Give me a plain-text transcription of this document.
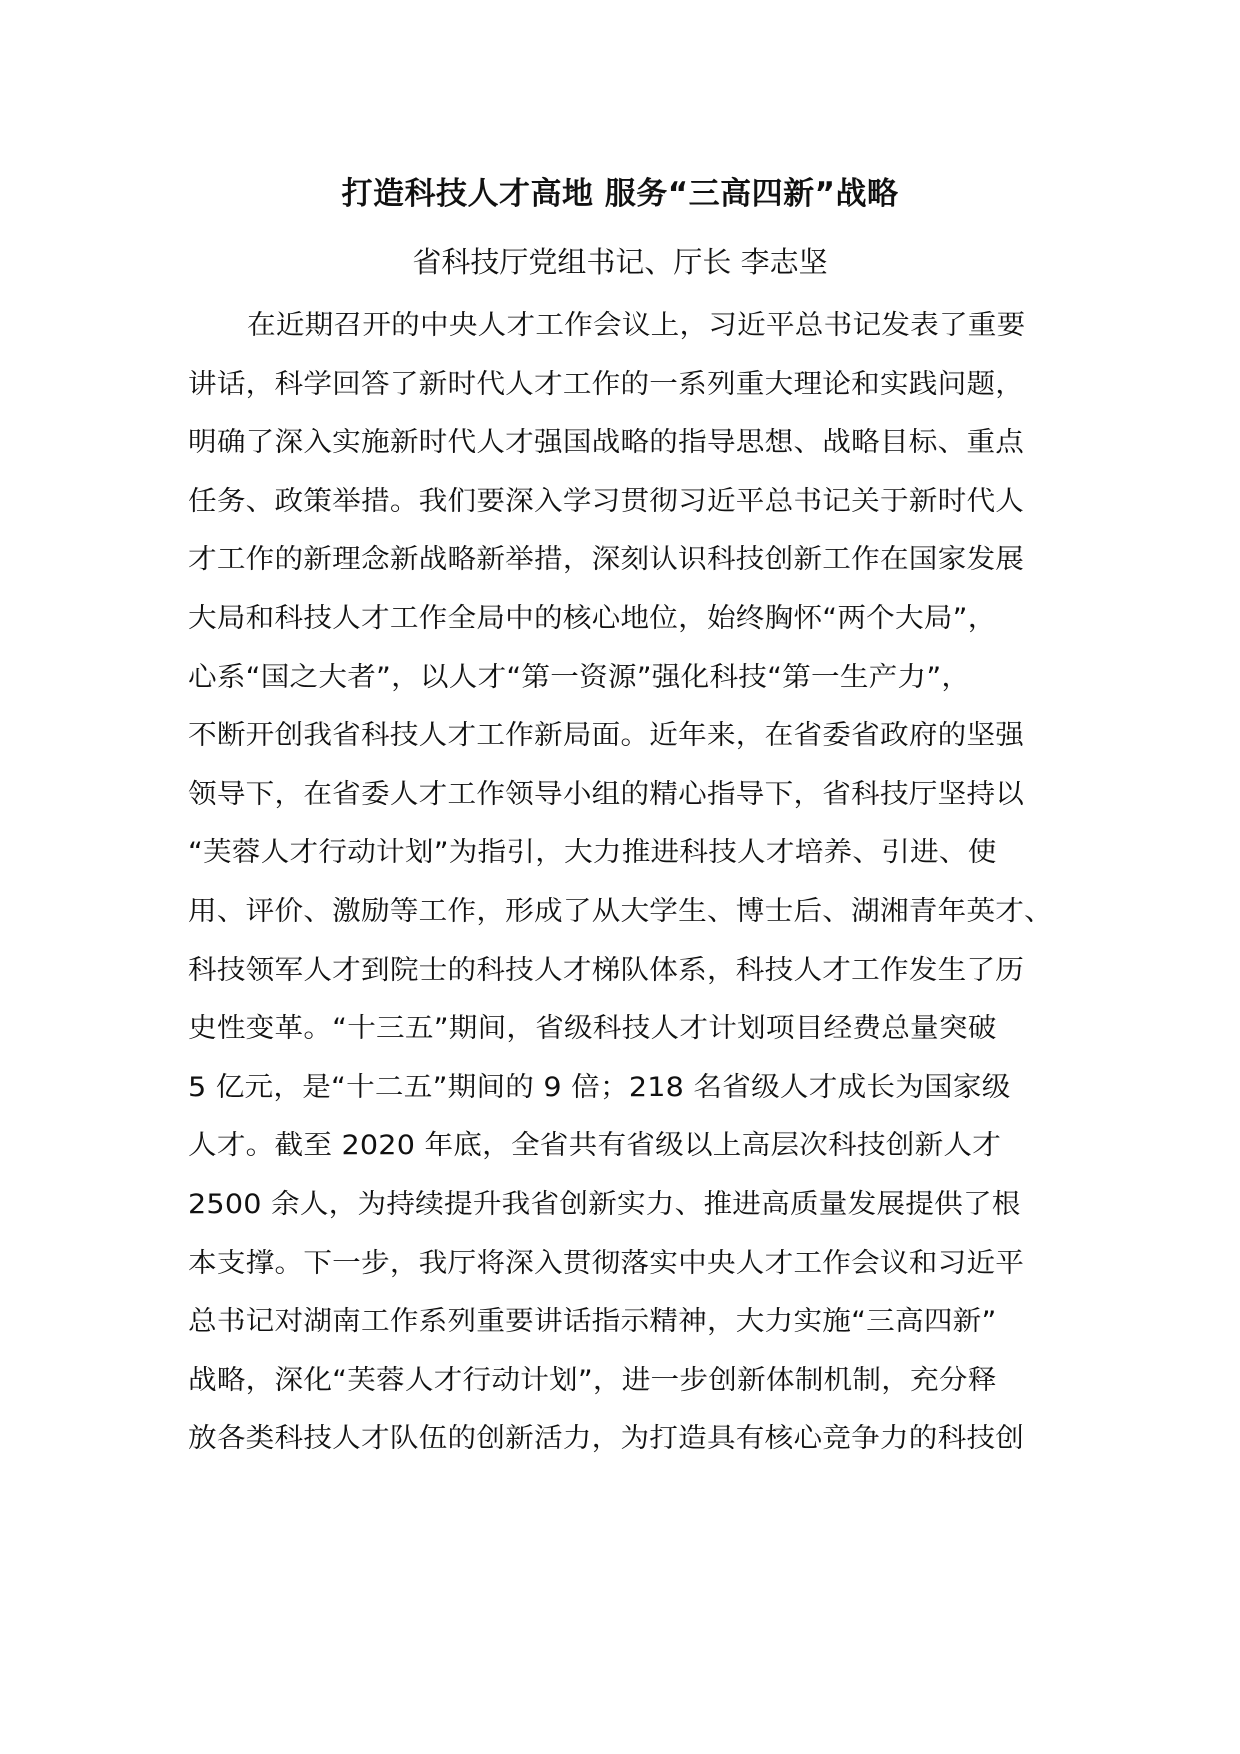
打造科技人才高地 服务“三高四新”战略
省科技厅党组书记、厅长 李志坚
在近期召开的中央人才工作会议上，习近平总书记发表了重要
讲话，科学回答了新时代人才工作的一系列重大理论和实践问题，
明确了深入实施新时代人才强国战略的指导思想、战略目标、重点
任务、政策举措。我们要深入学习贯彻习近平总书记关于新时代人
才工作的新理念新战略新举措，深刻认识科技创新工作在国家发展
大局和科技人才工作全局中的核心地位，始终胸怀“两个大局”，
心系“国之大者”，以人才“第一资源”强化科技“第一生产力”，
不断开创我省科技人才工作新局面。近年来，在省委省政府的坚强
领导下，在省委人才工作领导小组的精心指导下，省科技厅坚持以
“芙蓉人才行动计划”为指引，大力推进科技人才培养、引进、使
用、评价、激励等工作，形成了从大学生、博士后、湖湘青年英才、
科技领军人才到院士的科技人才梯队体系，科技人才工作发生了历
史性变革。“十三五”期间，省级科技人才计划项目经费总量突破
5 亿元，是“十二五”期间的 9 倍；218 名省级人才成长为国家级
人才。截至 2020 年底，全省共有省级以上高层次科技创新人才
2500 余人，为持续提升我省创新实力、推进高质量发展提供了根
本支撑。下一步，我厅将深入贯彻落实中央人才工作会议和习近平
总书记对湖南工作系列重要讲话指示精神，大力实施“三高四新”
战略，深化“芙蓉人才行动计划”，进一步创新体制机制，充分释
放各类科技人才队伍的创新活力，为打造具有核心竞争力的科技创
